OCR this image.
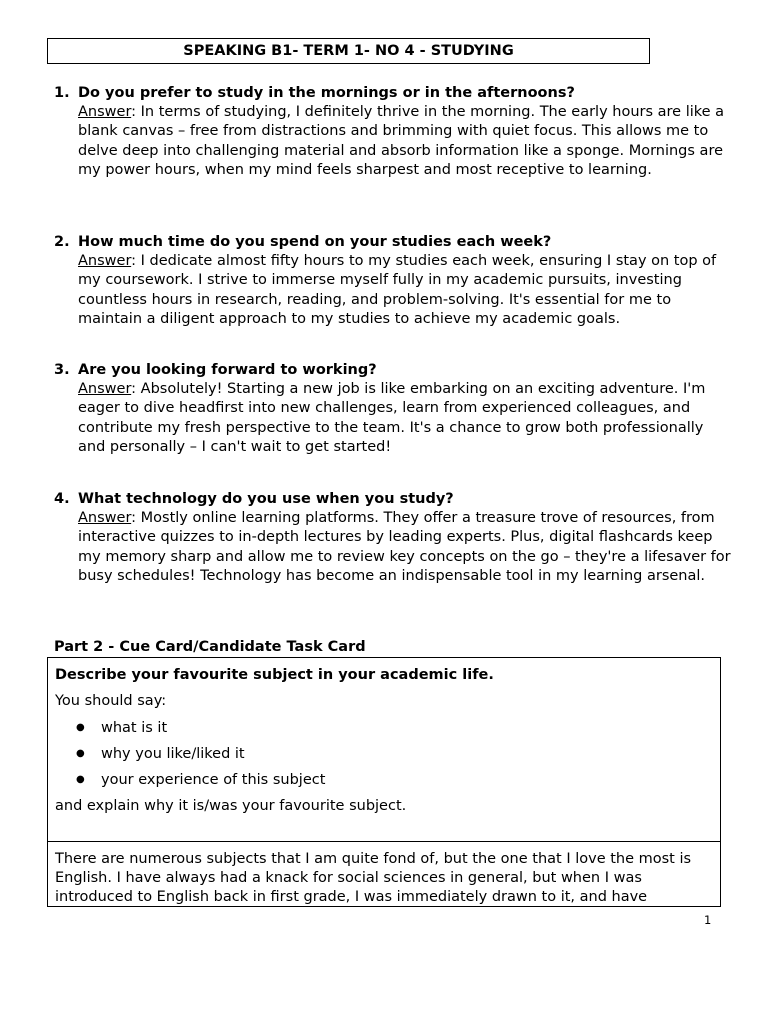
SPEAKING B1- TERM 1- NO 4 - STUDYING
1. Do you prefer to study in the mornings or in the afternoons?
Answer: In terms of studying, I definitely thrive in the morning. The early hours are like a blank canvas – free from distractions and brimming with quiet focus. This allows me to delve deep into challenging material and absorb information like a sponge. Mornings are my power hours, when my mind feels sharpest and most receptive to learning.
2. How much time do you spend on your studies each week?
Answer: I dedicate almost fifty hours to my studies each week, ensuring I stay on top of my coursework. I strive to immerse myself fully in my academic pursuits, investing countless hours in research, reading, and problem-solving. It's essential for me to maintain a diligent approach to my studies to achieve my academic goals.
3. Are you looking forward to working?
Answer: Absolutely! Starting a new job is like embarking on an exciting adventure. I'm eager to dive headfirst into new challenges, learn from experienced colleagues, and contribute my fresh perspective to the team. It's a chance to grow both professionally and personally – I can't wait to get started!
4. What technology do you use when you study?
Answer: Mostly online learning platforms. They offer a treasure trove of resources, from interactive quizzes to in-depth lectures by leading experts. Plus, digital flashcards keep my memory sharp and allow me to review key concepts on the go – they're a lifesaver for busy schedules! Technology has become an indispensable tool in my learning arsenal.
Part 2 - Cue Card/Candidate Task Card
Describe your favourite subject in your academic life.
You should say:
● what is it
● why you like/liked it
● your experience of this subject
and explain why it is/was your favourite subject.
There are numerous subjects that I am quite fond of, but the one that I love the most is English. I have always had a knack for social sciences in general, but when I was introduced to English back in first grade, I was immediately drawn to it, and have
1
